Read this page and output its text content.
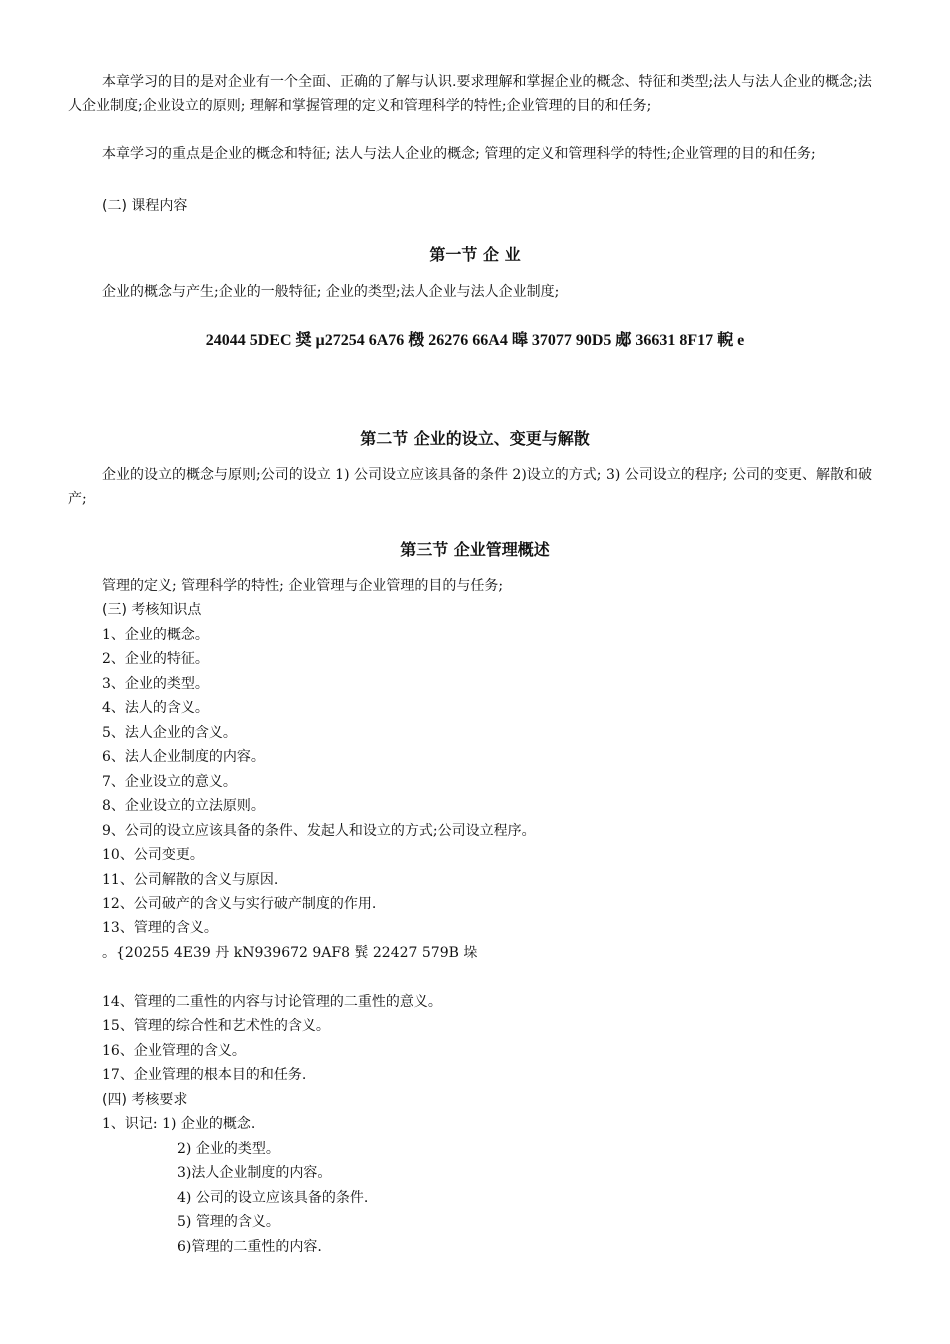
本章学习的目的是对企业有一个全面、正确的了解与认识.要求理解和掌握企业的概念、特征和类型;法人与法人企业的概念;法人企业制度;企业设立的原则; 理解和掌握管理的定义和管理科学的特性;企业管理的目的和任务;

本章学习的重点是企业的概念和特征; 法人与法人企业的概念; 管理的定义和管理科学的特性;企业管理的目的和任务;

(二) 课程内容

第一节 企 业

企业的概念与产生;企业的一般特征; 企业的类型;法人企业与法人企业制度;

24044 5DEC 奨 µ27254 6A76 檓 26276 66A4 暤 37077 90D5 郕 36631 8F17 輗 e

第二节 企业的设立、变更与解散

企业的设立的概念与原则;公司的设立 1) 公司设立应该具备的条件 2)设立的方式; 3) 公司设立的程序; 公司的变更、解散和破产;

第三节 企业管理概述

管理的定义; 管理科学的特性; 企业管理与企业管理的目的与任务;

(三) 考核知识点

1、企业的概念。

2、企业的特征。

3、企业的类型。

4、法人的含义。

5、法人企业的含义。

6、法人企业制度的内容。

7、企业设立的意义。

8、企业设立的立法原则。

9、公司的设立应该具备的条件、发起人和设立的方式;公司设立程序。

10、公司变更。

11、公司解散的含义与原因.

12、公司破产的含义与实行破产制度的作用.

13、管理的含义。

。{20255 4E39 丹 kN939672 9AF8 髸 22427 579B 垛

14、管理的二重性的内容与讨论管理的二重性的意义。

15、管理的综合性和艺术性的含义。

16、企业管理的含义。

17、企业管理的根本目的和任务.

(四) 考核要求

1、识记: 1) 企业的概念.

2) 企业的类型。

3)法人企业制度的内容。

4) 公司的设立应该具备的条件.

5) 管理的含义。

6)管理的二重性的内容.
